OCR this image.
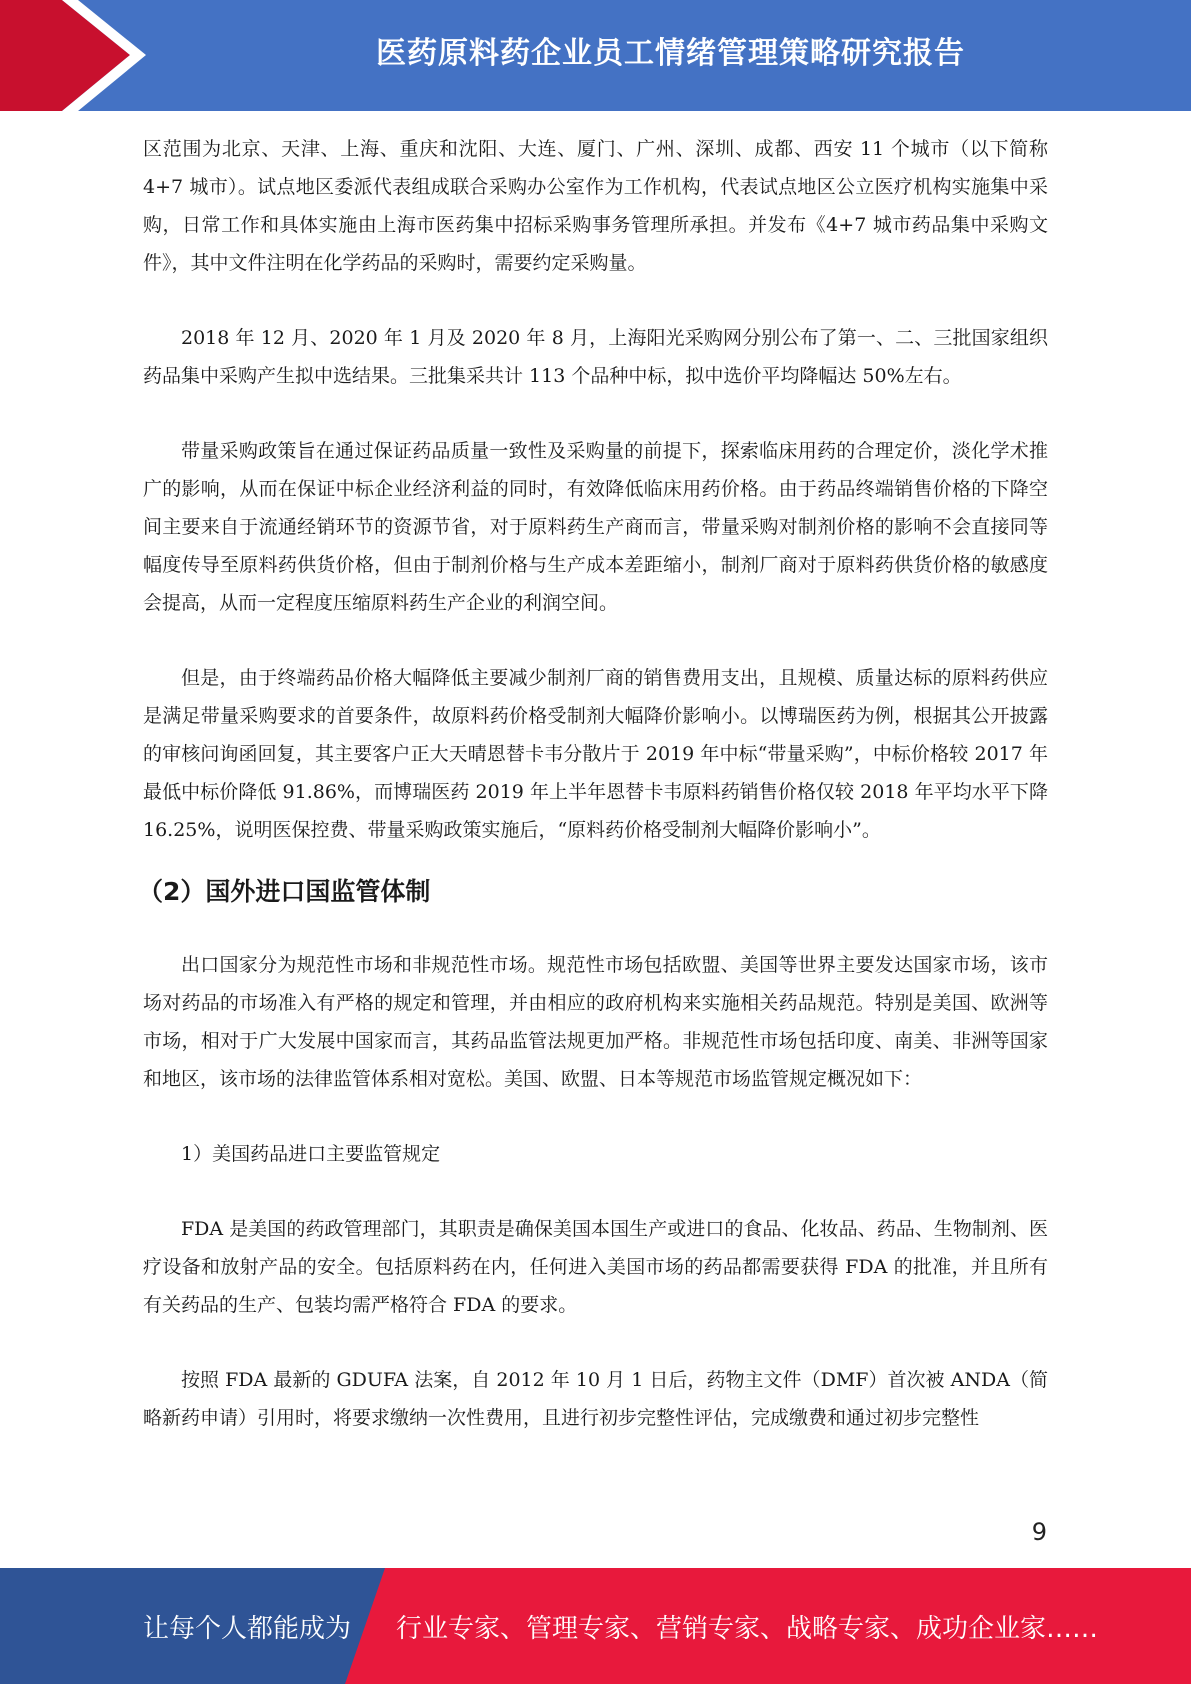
医药原料药企业员工情绪管理策略研究报告

区范围为北京、天津、上海、重庆和沈阳、大连、厦门、广州、深圳、成都、西安 11 个城市（以下简称 4+7 城市）。试点地区委派代表组成联合采购办公室作为工作机构，代表试点地区公立医疗机构实施集中采购，日常工作和具体实施由上海市医药集中招标采购事务管理所承担。并发布《4+7 城市药品集中采购文件》，其中文件注明在化学药品的采购时，需要约定采购量。

2018 年 12 月、2020 年 1 月及 2020 年 8 月，上海阳光采购网分别公布了第一、二、三批国家组织药品集中采购产生拟中选结果。三批集采共计 113 个品种中标，拟中选价平均降幅达 50%左右。

带量采购政策旨在通过保证药品质量一致性及采购量的前提下，探索临床用药的合理定价，淡化学术推广的影响，从而在保证中标企业经济利益的同时，有效降低临床用药价格。由于药品终端销售价格的下降空间主要来自于流通经销环节的资源节省，对于原料药生产商而言，带量采购对制剂价格的影响不会直接同等幅度传导至原料药供货价格，但由于制剂价格与生产成本差距缩小，制剂厂商对于原料药供货价格的敏感度会提高，从而一定程度压缩原料药生产企业的利润空间。

但是，由于终端药品价格大幅降低主要减少制剂厂商的销售费用支出，且规模、质量达标的原料药供应是满足带量采购要求的首要条件，故原料药价格受制剂大幅降价影响小。以博瑞医药为例，根据其公开披露的审核问询函回复，其主要客户正大天晴恩替卡韦分散片于 2019 年中标“带量采购”，中标价格较 2017 年最低中标价降低 91.86%，而博瑞医药 2019 年上半年恩替卡韦原料药销售价格仅较 2018 年平均水平下降 16.25%，说明医保控费、带量采购政策实施后，“原料药价格受制剂大幅降价影响小”。

（2）国外进口国监管体制

出口国家分为规范性市场和非规范性市场。规范性市场包括欧盟、美国等世界主要发达国家市场，该市场对药品的市场准入有严格的规定和管理，并由相应的政府机构来实施相关药品规范。特别是美国、欧洲等市场，相对于广大发展中国家而言，其药品监管法规更加严格。非规范性市场包括印度、南美、非洲等国家和地区，该市场的法律监管体系相对宽松。美国、欧盟、日本等规范市场监管规定概况如下：

1）美国药品进口主要监管规定

FDA 是美国的药政管理部门，其职责是确保美国本国生产或进口的食品、化妆品、药品、生物制剂、医疗设备和放射产品的安全。包括原料药在内，任何进入美国市场的药品都需要获得 FDA 的批准，并且所有有关药品的生产、包装均需严格符合 FDA 的要求。

按照 FDA 最新的 GDUFA 法案，自 2012 年 10 月 1 日后，药物主文件（DMF）首次被 ANDA（简略新药申请）引用时，将要求缴纳一次性费用，且进行初步完整性评估，完成缴费和通过初步完整性

9
让每个人都能成为 行业专家、管理专家、营销专家、战略专家、成功企业家……
